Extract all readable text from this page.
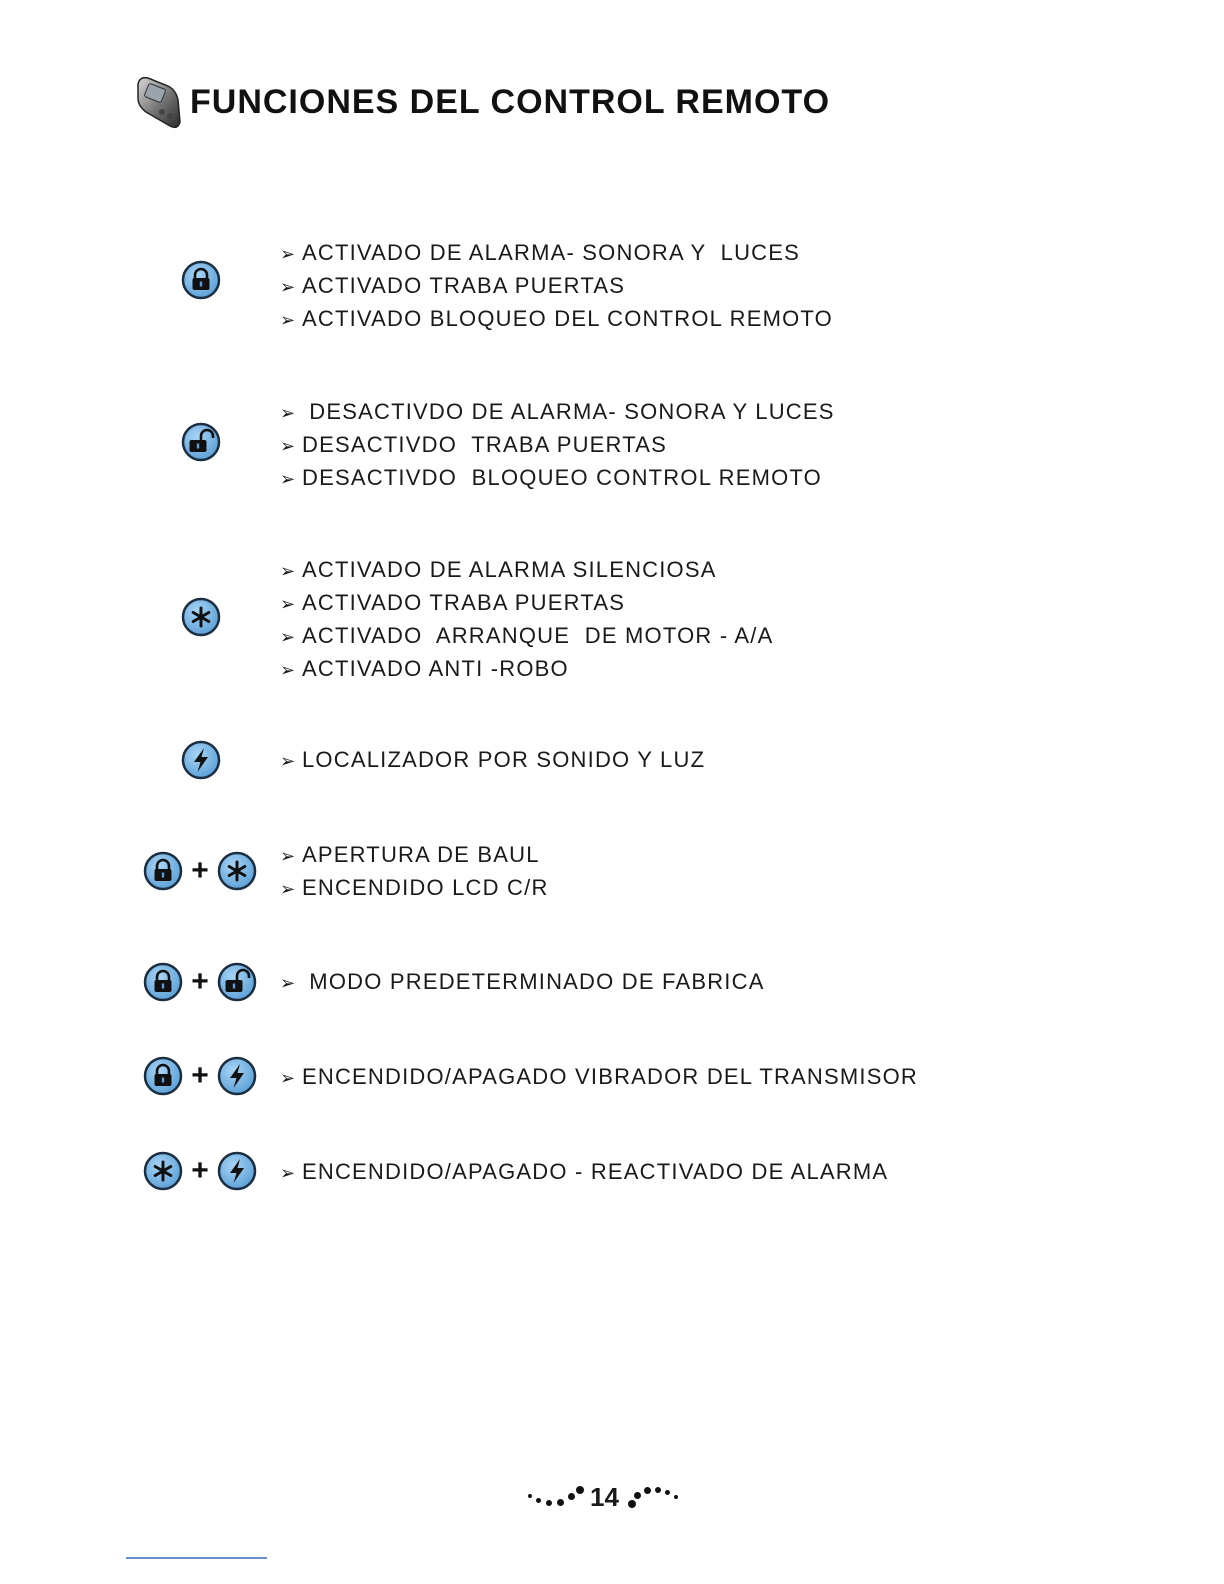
FUNCIONES DEL CONTROL REMOTO
➢ ACTIVADO DE ALARMA- SONORA Y  LUCES
➢ ACTIVADO TRABA PUERTAS
➢ ACTIVADO BLOQUEO DEL CONTROL REMOTO
➢ DESACTIVDO DE ALARMA- SONORA Y LUCES
➢ DESACTIVDO  TRABA PUERTAS
➢ DESACTIVDO  BLOQUEO CONTROL REMOTO
➢ ACTIVADO DE ALARMA SILENCIOSA
➢ ACTIVADO TRABA PUERTAS
➢ ACTIVADO  ARRANQUE  DE MOTOR - A/A
➢ ACTIVADO ANTI -ROBO
➢ LOCALIZADOR POR SONIDO Y LUZ
+	➢ APERTURA DE BAUL
➢ ENCENDIDO LCD C/R
+	➢ MODO PREDETERMINADO DE FABRICA
+	➢ ENCENDIDO/APAGADO VIBRADOR DEL TRANSMISOR
+	➢ ENCENDIDO/APAGADO - REACTIVADO DE ALARMA
14
